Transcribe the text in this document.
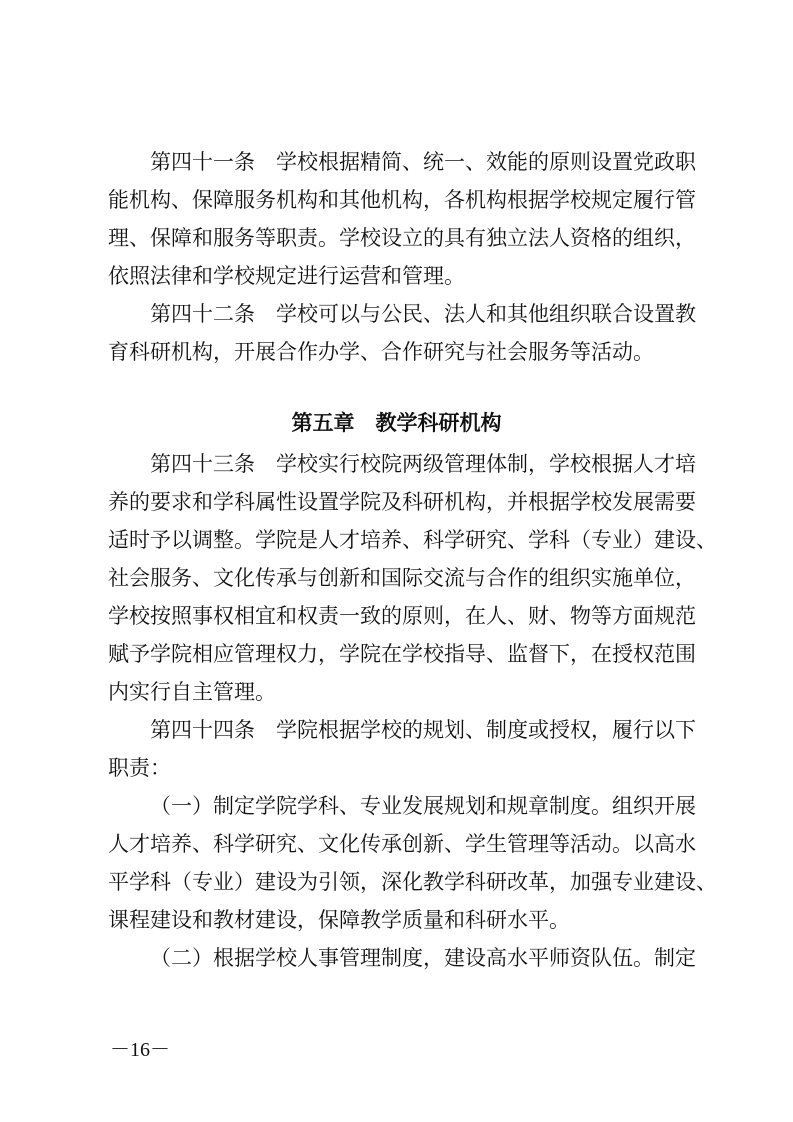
第四十一条　学校根据精简、统一、效能的原则设置党政职
能机构、保障服务机构和其他机构，各机构根据学校规定履行管
理、保障和服务等职责。学校设立的具有独立法人资格的组织，
依照法律和学校规定进行运营和管理。
第四十二条　学校可以与公民、法人和其他组织联合设置教
育科研机构，开展合作办学、合作研究与社会服务等活动。
第五章　教学科研机构
第四十三条　学校实行校院两级管理体制，学校根据人才培
养的要求和学科属性设置学院及科研机构，并根据学校发展需要
适时予以调整。学院是人才培养、科学研究、学科（专业）建设、
社会服务、文化传承与创新和国际交流与合作的组织实施单位，
学校按照事权相宜和权责一致的原则，在人、财、物等方面规范
赋予学院相应管理权力，学院在学校指导、监督下，在授权范围
内实行自主管理。
第四十四条　学院根据学校的规划、制度或授权，履行以下
职责：
（一）制定学院学科、专业发展规划和规章制度。组织开展
人才培养、科学研究、文化传承创新、学生管理等活动。以高水
平学科（专业）建设为引领，深化教学科研改革，加强专业建设、
课程建设和教材建设，保障教学质量和科研水平。
（二）根据学校人事管理制度，建设高水平师资队伍。制定
－16－
